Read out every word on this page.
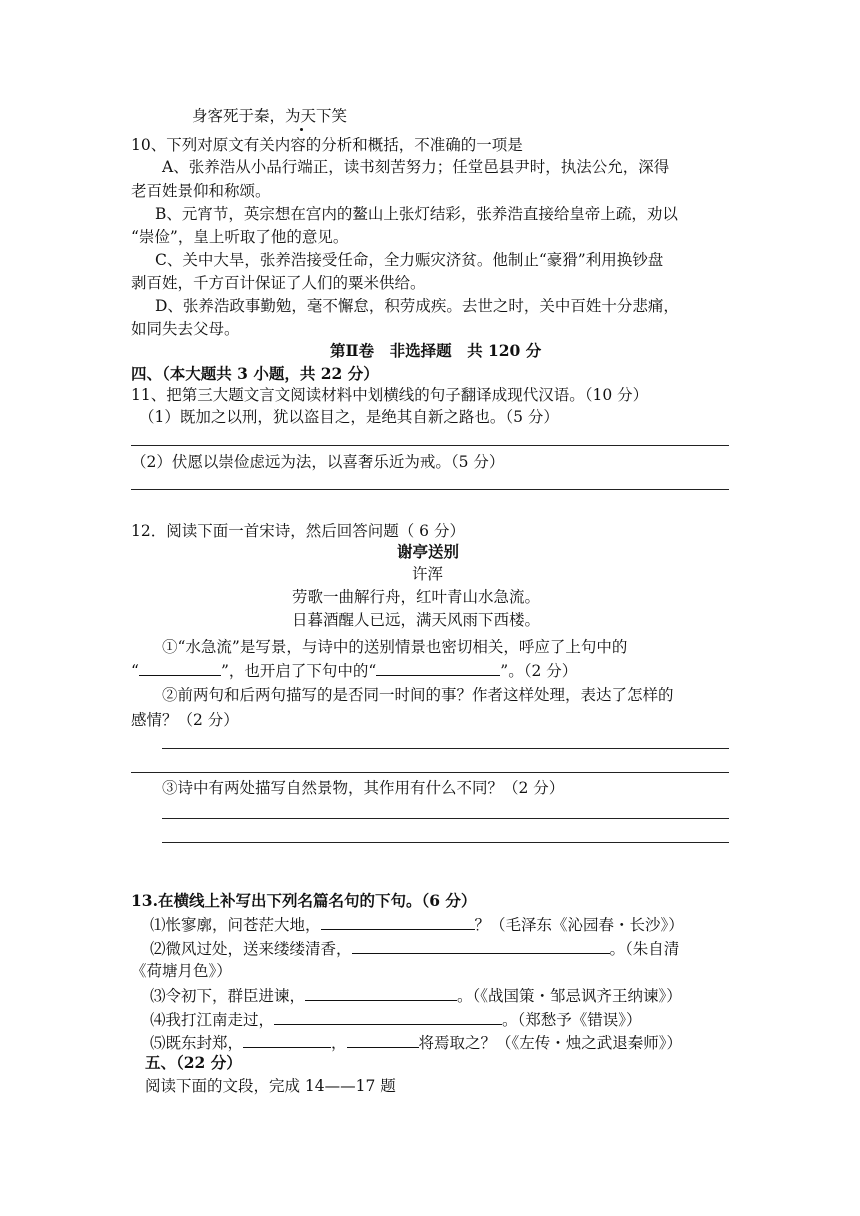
身客死于秦，为天下笑
10、下列对原文有关内容的分析和概括，不准确的一项是
A、张养浩从小品行端正，读书刻苦努力；任堂邑县尹时，执法公允，深得
老百姓景仰和称颂。
B、元宵节，英宗想在宫内的鳌山上张灯结彩，张养浩直接给皇帝上疏，劝以
“崇俭”，皇上听取了他的意见。
C、关中大旱，张养浩接受任命，全力赈灾济贫。他制止“豪猾”利用换钞盘
剥百姓，千方百计保证了人们的粟米供给。
D、张养浩政事勤勉，毫不懈怠，积劳成疾。去世之时，关中百姓十分悲痛，
如同失去父母。
第Ⅱ卷　非选择题　共 120 分
四、（本大题共 3 小题，共 22 分）
11、把第三大题文言文阅读材料中划横线的句子翻译成现代汉语。（10 分）
（1）既加之以刑，犹以盗目之，是绝其自新之路也。（5 分）
（2）伏愿以崇俭虑远为法，以喜奢乐近为戒。（5 分）
12．阅读下面一首宋诗，然后回答问题（ 6 分）
谢亭送别
许浑
劳歌一曲解行舟，红叶青山水急流。
日暮酒醒人已远，满天风雨下西楼。
①“水急流”是写景，与诗中的送别情景也密切相关，呼应了上句中的
“	”，也开启了下句中的“	”。（2 分）
②前两句和后两句描写的是否同一时间的事？作者这样处理，表达了怎样的
感情？（2 分）
③诗中有两处描写自然景物，其作用有什么不同？（2 分）
13.在横线上补写出下列名篇名句的下句。（6 分）
⑴怅寥廓，问苍茫大地，	？（毛泽东《沁园春・长沙》）
⑵微风过处，送来缕缕清香，	。（朱自清
《荷塘月色》）
⑶令初下，群臣进谏，	。（《战国策・邹忌讽齐王纳谏》）
⑷我打江南走过，	。（郑愁予《错误》）
⑸既东封郑，	，	将焉取之？（《左传・烛之武退秦师》）
五、（22 分）
阅读下面的文段，完成 14——17 题
